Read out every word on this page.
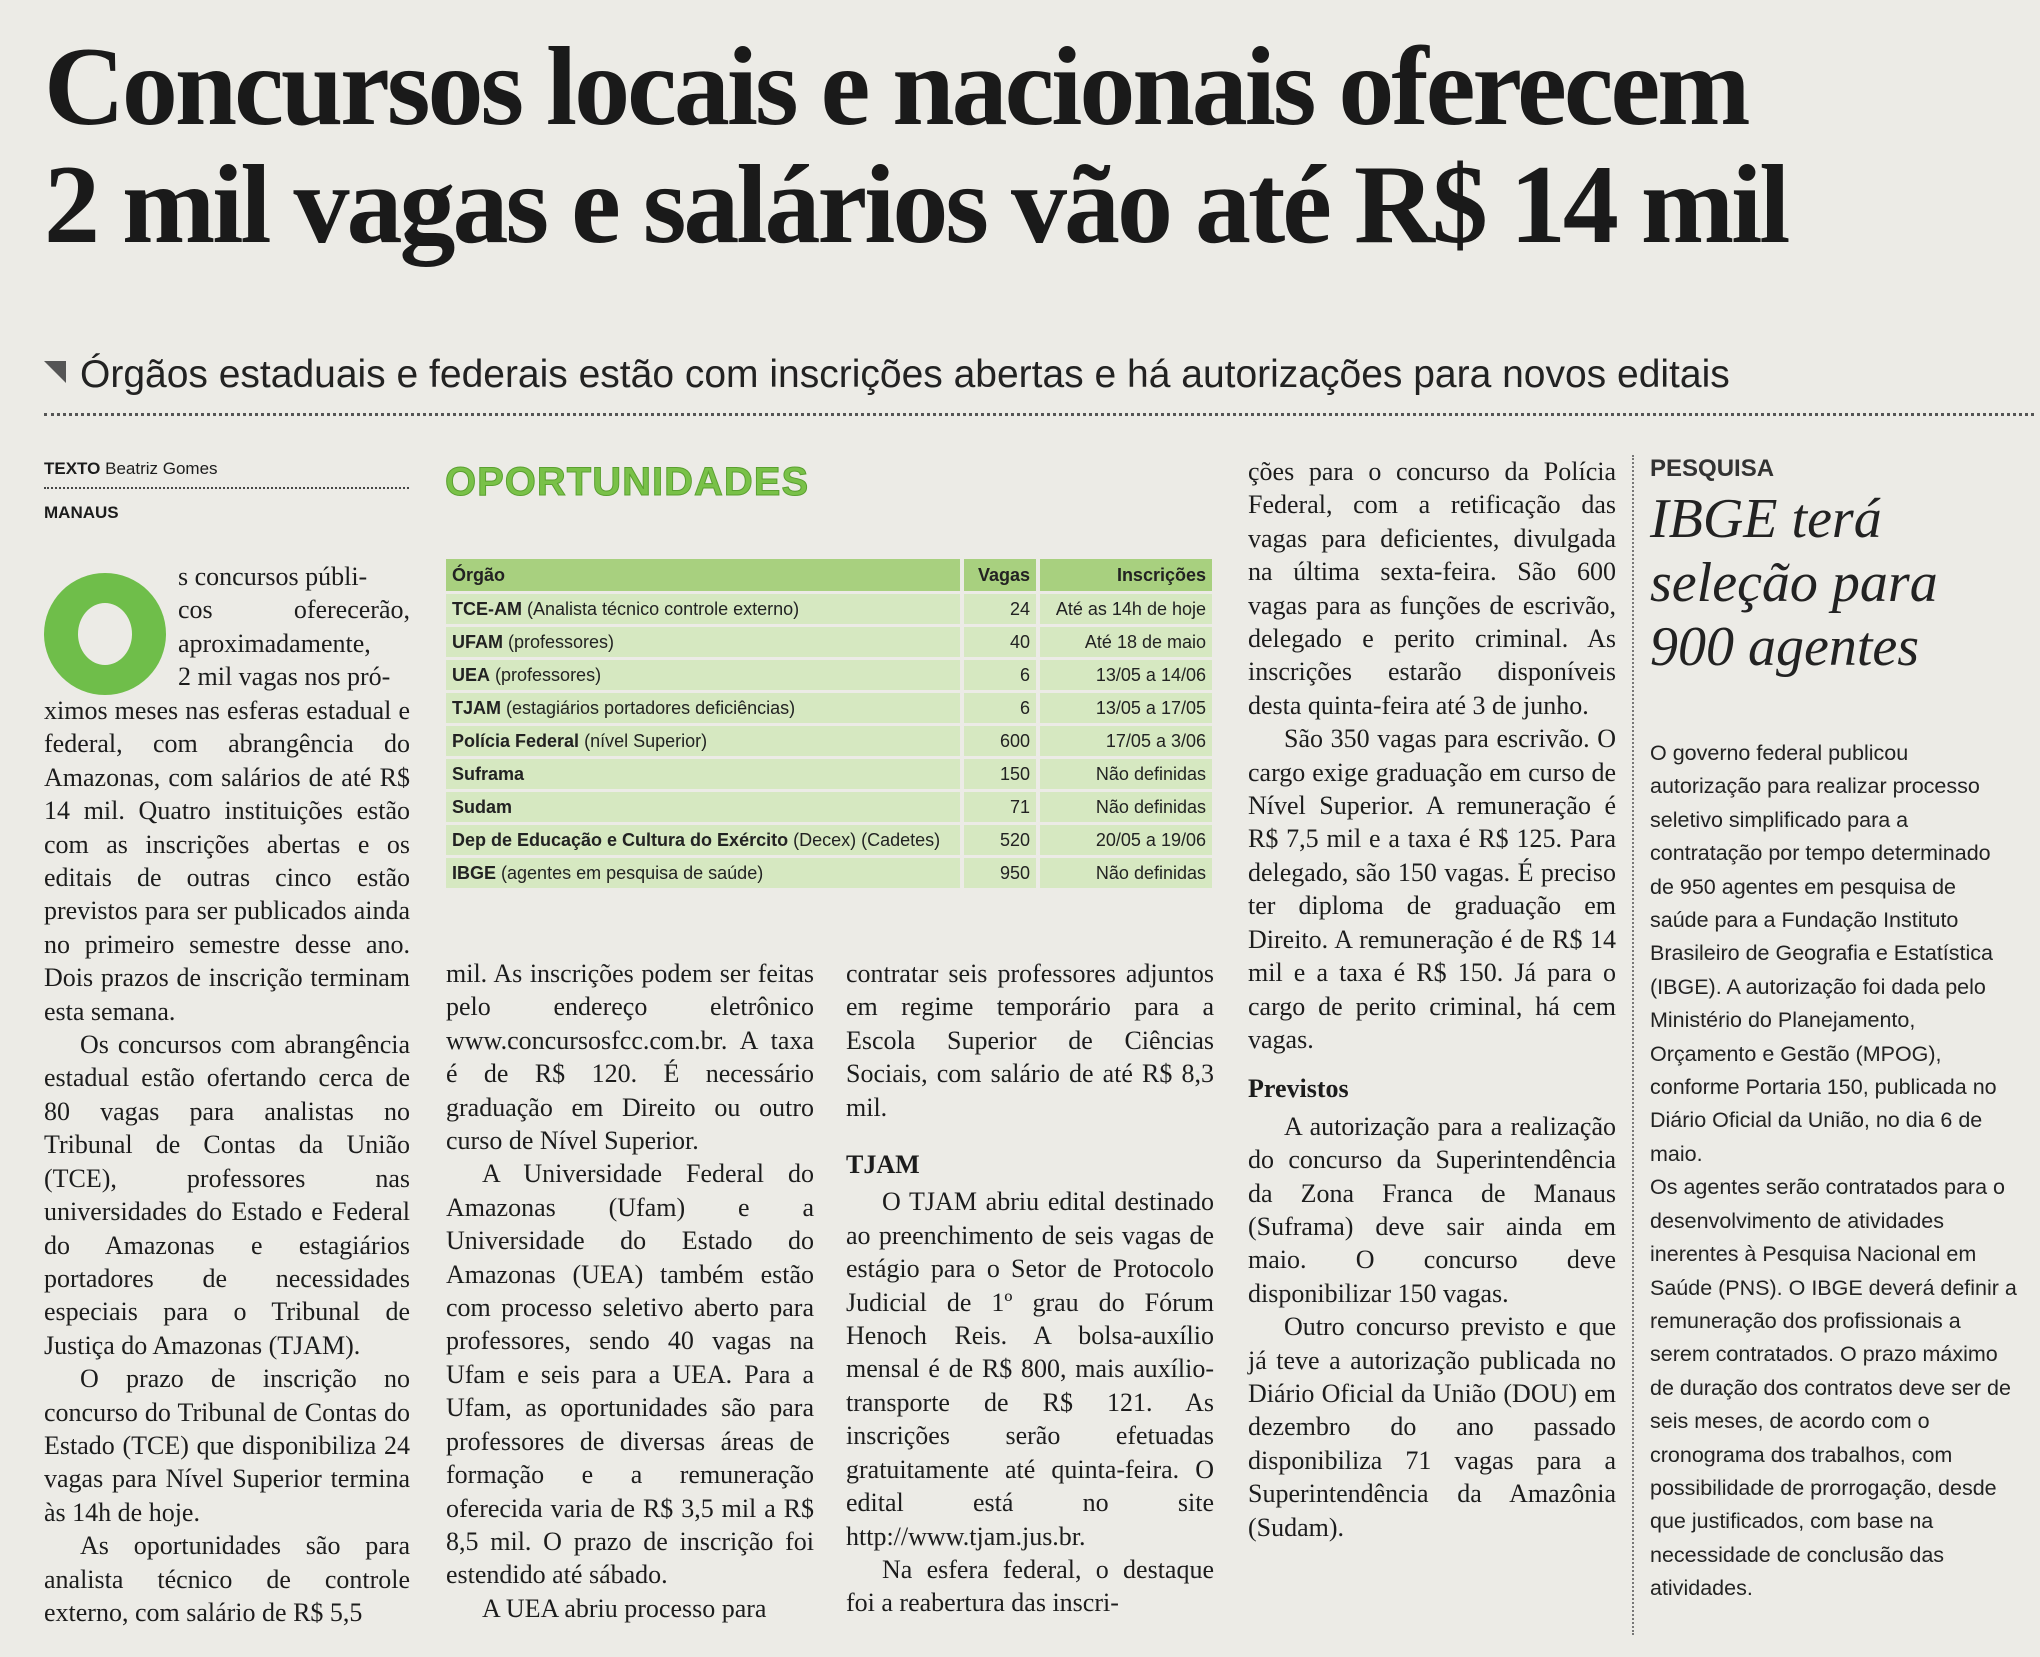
Concursos locais e nacionais oferecem
2 mil vagas e salários vão até R$ 14 mil
Órgãos estaduais e federais estão com inscrições abertas e há autorizações para novos editais
TEXTO Beatriz Gomes
MANAUS

s concursos públi-

cos oferecerão,

aproximadamente,

2 mil vagas nos pró-

ximos meses nas esferas estadual e federal, com abrangência do Amazonas, com salários de até R$ 14 mil. Quatro instituições estão com as inscrições abertas e os editais de outras cinco estão previstos para ser publicados ainda no primeiro semestre desse ano. Dois prazos de inscrição terminam esta semana.

Os concursos com abrangência estadual estão ofertando cerca de 80 vagas para analistas no Tribunal de Contas da União (TCE), professores nas universidades do Estado e Federal do Amazonas e estagiários portadores de necessidades especiais para o Tribunal de Justiça do Amazonas (TJAM).

O prazo de inscrição no concurso do Tribunal de Contas do Estado (TCE) que disponibiliza 24 vagas para Nível Superior termina às 14h de hoje.

As oportunidades são para analista técnico de controle externo, com salário de R$ 5,5

OPORTUNIDADES
Órgão	Vagas	Inscrições
TCE-AM (Analista técnico controle externo)	24	Até as 14h de hoje
UFAM (professores)	40	Até 18 de maio
UEA (professores)	6	13/05 a 14/06
TJAM (estagiários portadores deficiências)	6	13/05 a 17/05
Polícia Federal (nível Superior)	600	17/05 a 3/06
Suframa	150	Não definidas
Sudam	71	Não definidas
Dep de Educação e Cultura do Exército (Decex) (Cadetes)	520	20/05 a 19/06
IBGE (agentes em pesquisa de saúde)	950	Não definidas

mil. As inscrições podem ser feitas pelo endereço eletrônico www.concursosfcc.com.br. A taxa é de R$ 120. É necessário graduação em Direito ou outro curso de Nível Superior.

A Universidade Federal do Amazonas (Ufam) e a Universidade do Estado do Amazonas (UEA) também estão com processo seletivo aberto para professores, sendo 40 vagas na Ufam e seis para a UEA. Para a Ufam, as oportunidades são para professores de diversas áreas de formação e a remuneração oferecida varia de R$ 3,5 mil a R$ 8,5 mil. O prazo de inscrição foi estendido até sábado.

A UEA abriu processo para

contratar seis professores adjuntos em regime temporário para a Escola Superior de Ciências Sociais, com salário de até R$ 8,3 mil.

TJAM

O TJAM abriu edital destinado ao preenchimento de seis vagas de estágio para o Setor de Protocolo Judicial de 1º grau do Fórum Henoch Reis. A bolsa-auxílio mensal é de R$ 800, mais auxílio-transporte de R$ 121. As inscrições serão efetuadas gratuitamente até quinta-feira. O edital está no site http://www.tjam.jus.br.

Na esfera federal, o destaque foi a reabertura das inscri-

ções para o concurso da Polícia Federal, com a retificação das vagas para deficientes, divulgada na última sexta-feira. São 600 vagas para as funções de escrivão, delegado e perito criminal. As inscrições estarão disponíveis desta quinta-feira até 3 de junho.

São 350 vagas para escrivão. O cargo exige graduação em curso de Nível Superior. A remuneração é R$ 7,5 mil e a taxa é R$ 125. Para delegado, são 150 vagas. É preciso ter diploma de graduação em Direito. A remuneração é de R$ 14 mil e a taxa é R$ 150. Já para o cargo de perito criminal, há cem vagas.

Previstos

A autorização para a realização do concurso da Superintendência da Zona Franca de Manaus (Suframa) deve sair ainda em maio. O concurso deve disponibilizar 150 vagas.

Outro concurso previsto e que já teve a autorização publicada no Diário Oficial da União (DOU) em dezembro do ano passado disponibiliza 71 vagas para a Superintendência da Amazônia (Sudam).

PESQUISA
IBGE terá seleção para 900 agentes

O governo federal publicou autorização para realizar processo seletivo simplificado para a contratação por tempo determinado de 950 agentes em pesquisa de saúde para a Fundação Instituto Brasileiro de Geografia e Estatística (IBGE). A autorização foi dada pelo Ministério do Planejamento, Orçamento e Gestão (MPOG), conforme Portaria 150, publicada no Diário Oficial da União, no dia 6 de maio.

Os agentes serão contratados para o desenvolvimento de atividades inerentes à Pesquisa Nacional em Saúde (PNS). O IBGE deverá definir a remuneração dos profissionais a serem contratados. O prazo máximo de duração dos contratos deve ser de seis meses, de acordo com o cronograma dos trabalhos, com possibilidade de prorrogação, desde que justificados, com base na necessidade de conclusão das atividades.
